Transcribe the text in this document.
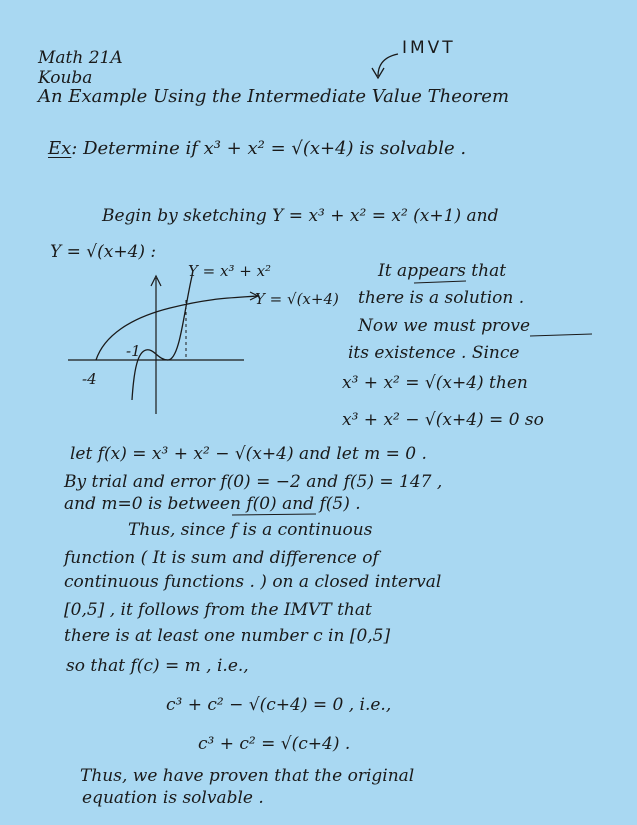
Math 21A
Kouba
An Example Using the Intermediate Value Theorem
IMVT
Ex: Determine if x³ + x² = √(x+4) is solvable .
Begin by sketching Y = x³ + x² = x² (x+1) and
Y = √(x+4) :
Y = x³ + x²
Y = √(x+4)
-1
-4
It appears that
there is a solution .
Now we must prove
its existence . Since
x³ + x² = √(x+4) then
x³ + x² − √(x+4) = 0 so
let f(x) = x³ + x² − √(x+4) and let m = 0 .
By trial and error f(0) = −2 and f(5) = 147 ,
and m=0 is between f(0) and f(5) .
Thus, since f is a continuous
function ( It is sum and difference of
continuous functions . ) on a closed interval
[0,5] , it follows from the IMVT that
there is at least one number c in [0,5]
so that f(c) = m , i.e.,
c³ + c² − √(c+4) = 0 , i.e.,
c³ + c² = √(c+4) .
Thus, we have proven that the original
equation is solvable .
